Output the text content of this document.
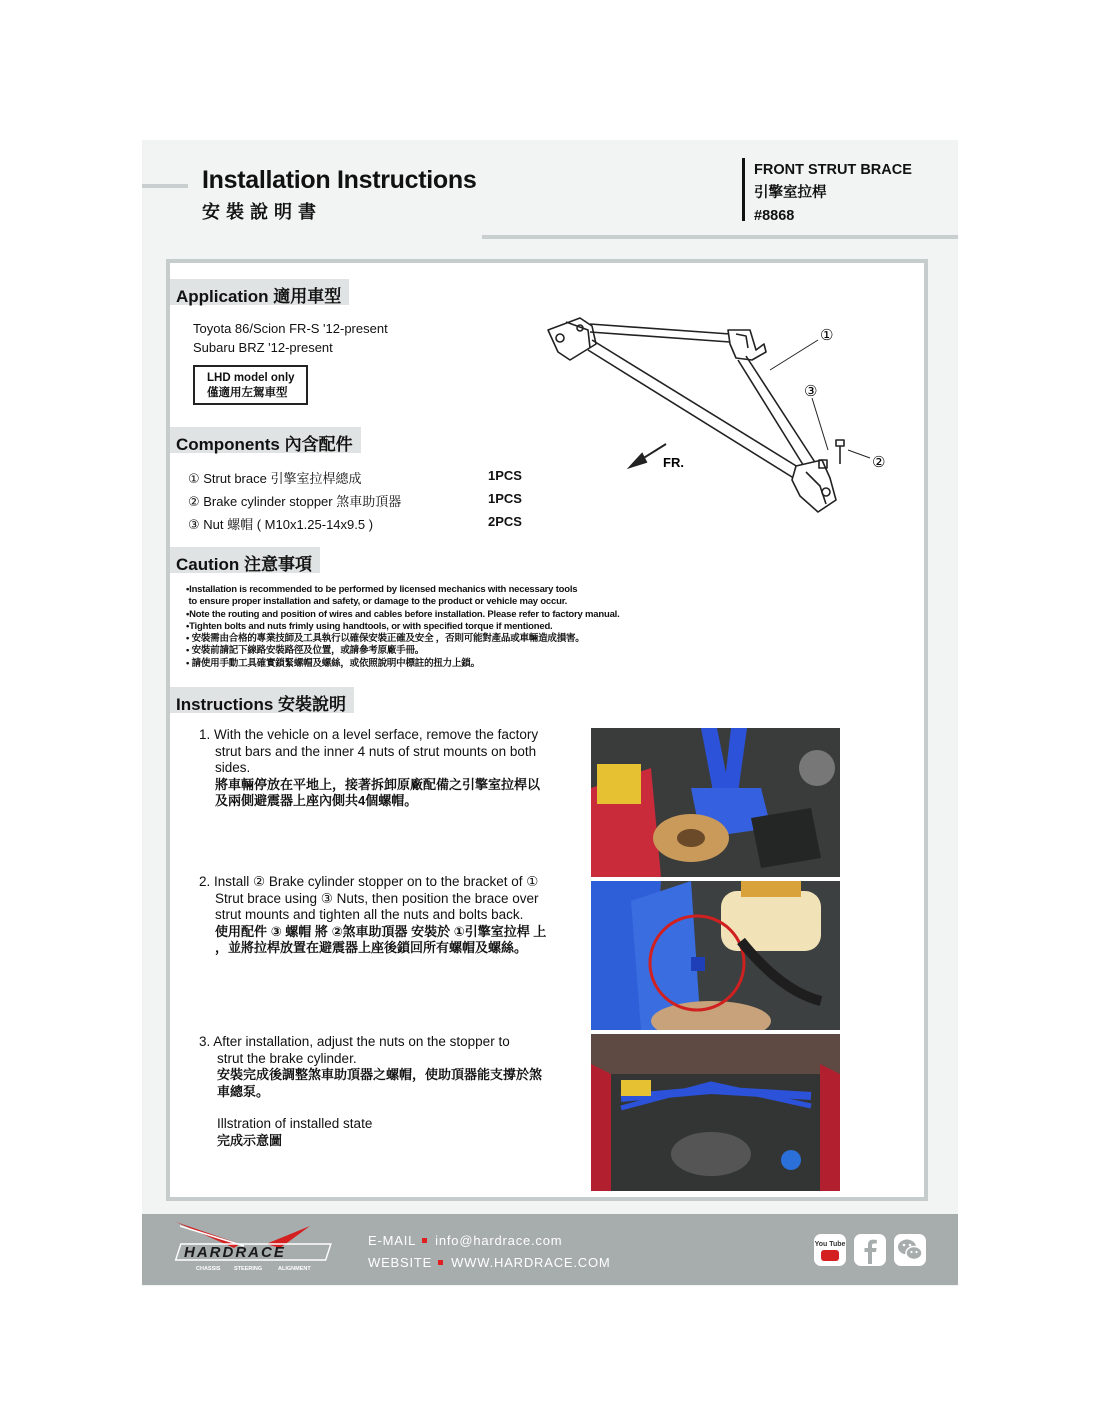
Installation Instructions
安裝說明書
FRONT STRUT BRACE
引擎室拉桿
#8868
Application 適用車型
Toyota 86/Scion FR-S '12-present
Subaru BRZ '12-present
LHD model only
僅適用左駕車型
①
③
②
FR.
Components 內含配件
① Strut brace 引擎室拉桿總成	1PCS
② Brake cylinder stopper 煞車助頂器	1PCS
③ Nut 螺帽 ( M10x1.25-14x9.5 )	2PCS
Caution 注意事項
•Installation is recommended to be performed by licensed mechanics with necessary tools
to ensure proper installation and safety, or damage to the product or vehicle may occur.
•Note the routing and position of wires and cables before installation. Please refer to factory manual.
•Tighten bolts and nuts frimly using handtools, or with specified torque if mentioned.
• 安裝需由合格的專業技師及工具執行以確保安裝正確及安全 ，否則可能對產品或車輛造成損害。
• 安裝前請記下線路安裝路徑及位置，或請參考原廠手冊。
• 請使用手動工具確實鎖緊螺帽及螺絲，或依照說明中標註的扭力上鎖。
Instructions 安裝說明
1. With the vehicle on a level serface, remove the factory
strut bars and the inner 4 nuts of strut mounts on both
sides.
將車輛停放在平地上，接著拆卸原廠配備之引擎室拉桿以
及兩側避震器上座內側共4個螺帽。
2. Install ② Brake cylinder stopper on to the bracket of ①
Strut brace using ③ Nuts, then position the brace over
strut mounts and tighten all the nuts and bolts back.
使用配件 ③ 螺帽 將 ②煞車助頂器 安裝於 ①引擎室拉桿 上
，並將拉桿放置在避震器上座後鎖回所有螺帽及螺絲。
3. After installation, adjust the nuts on the stopper to
strut the brake cylinder.
安裝完成後調整煞車助頂器之螺帽，使助頂器能支撐於煞
車總泵。
Illstration of installed state
完成示意圖
HARDRACE
CHASSIS STEERING	ALIGNMENT
E-MAIL info@hardrace.com
WEBSITE WWW.HARDRACE.COM
You Tube
